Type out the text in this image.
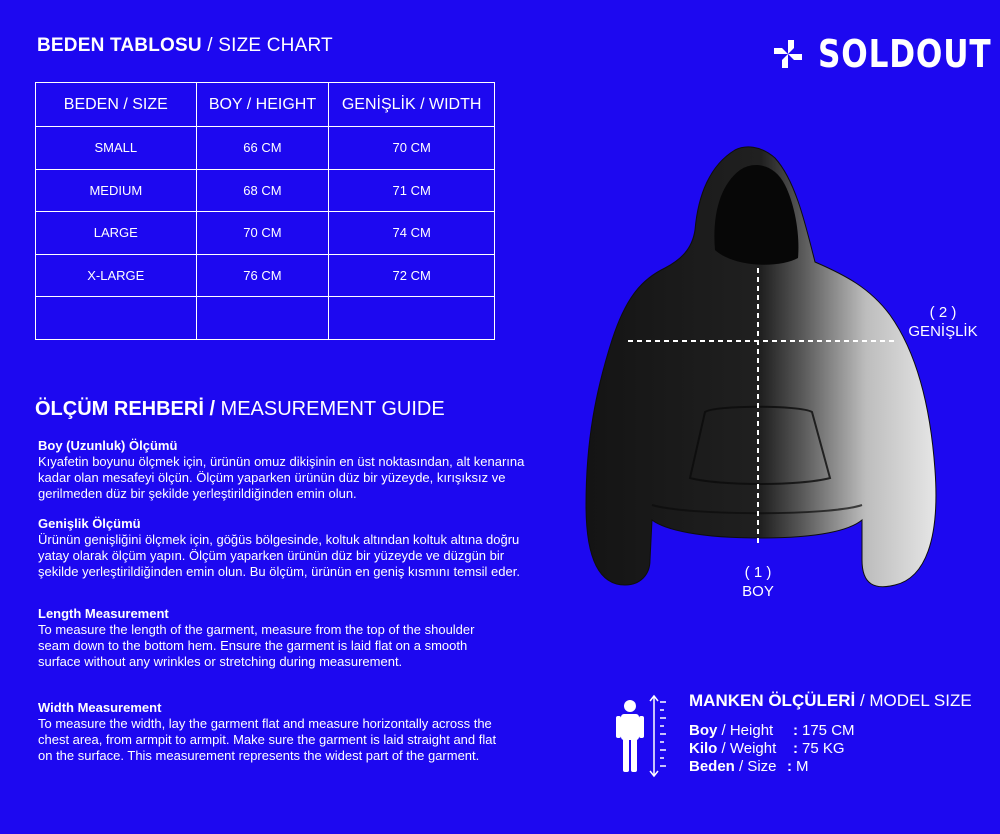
BEDEN TABLOSU / SIZE CHART	SOLDOUT
BEDEN / SIZE	BOY / HEIGHT	GENİŞLİK / WIDTH
SMALL	66 CM	70 CM
MEDIUM	68 CM	71 CM
LARGE	70 CM	74 CM
X-LARGE	76 CM	72 CM

ÖLÇÜM REHBERİ / MEASUREMENT GUIDE
Boy (Uzunluk) Ölçümü

Kıyafetin boyunu ölçmek için, ürünün omuz dikişinin en üst noktasından, alt kenarına kadar olan mesafeyi ölçün. Ölçüm yaparken ürünün düz bir yüzeyde, kırışıksız ve gerilmeden düz bir şekilde yerleştirildiğinden emin olun.

Genişlik Ölçümü

Ürünün genişliğini ölçmek için, göğüs bölgesinde, koltuk altından koltuk altına doğru yatay olarak ölçüm yapın. Ölçüm yaparken ürünün düz bir yüzeyde ve düzgün bir şekilde yerleştirildiğinden emin olun. Bu ölçüm, ürünün en geniş kısmını temsil eder.

Length Measurement

To measure the length of the garment, measure from the top of the shoulder seam down to the bottom hem. Ensure the garment is laid flat on a smooth surface without any wrinkles or stretching during measurement.

Width Measurement

To measure the width, lay the garment flat and measure horizontally across the chest area, from armpit to armpit. Make sure the garment is laid straight and flat on the surface. This measurement represents the widest part of the garment.

( 2 )
GENİŞLİK
( 1 )
BOY
MANKEN ÖLÇÜLERİ / MODEL SIZE
Boy / Height	: 175 CM
Kilo / Weight	: 75 KG
Beden / Size : M
